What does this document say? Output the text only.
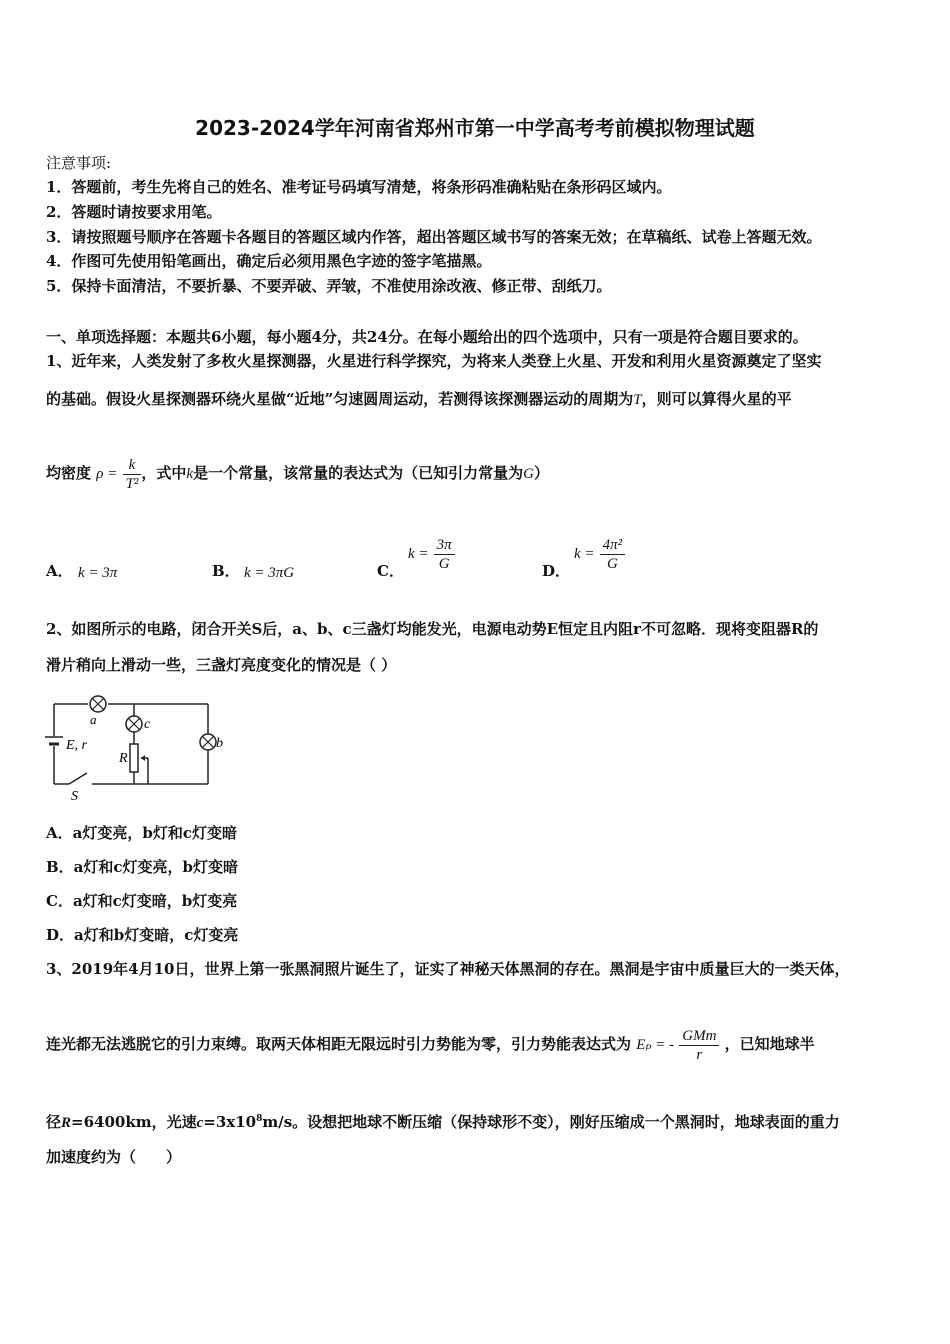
2023-2024学年河南省郑州市第一中学高考考前模拟物理试题
注意事项:
1．答题前，考生先将自己的姓名、准考证号码填写清楚，将条形码准确粘贴在条形码区域内。
2．答题时请按要求用笔。
3．请按照题号顺序在答题卡各题目的答题区域内作答，超出答题区域书写的答案无效；在草稿纸、试卷上答题无效。
4．作图可先使用铅笔画出，确定后必须用黑色字迹的签字笔描黑。
5．保持卡面清洁，不要折暴、不要弄破、弄皱，不准使用涂改液、修正带、刮纸刀。
一、单项选择题：本题共6小题，每小题4分，共24分。在每小题给出的四个选项中，只有一项是符合题目要求的。
1、近年来，人类发射了多枚火星探测器，火星进行科学探究，为将来人类登上火星、开发和利用火星资源奠定了坚实
的基础。假设火星探测器环绕火星做“近地”匀速圆周运动，若测得该探测器运动的周期为T，则可以算得火星的平
均密度 $\rho = \frac{k}{\text{T²}}$ ，式中k是一个常量，该常量的表达式为（已知引力常量为G）
A． k = 3π	B． k = 3πG	C．
$k = \frac{3\pi}{G}$	D．
$k = \frac{\text{4π²}}{G}$
2、如图所示的电路，闭合开关S后，a、b、c三盏灯均能发光，电源电动势E恒定且内阻r不可忽略．现将变阻器R的
滑片稍向上滑动一些，三盏灯亮度变化的情况是（ ）
a	c
b
E, r
R
S
A．a灯变亮，b灯和c灯变暗
B．a灯和c灯变亮，b灯变暗
C．a灯和c灯变暗，b灯变亮
D．a灯和b灯变暗，c灯变亮
3、2019年4月10日，世界上第一张黑洞照片诞生了，证实了神秘天体黑洞的存在。黑洞是宇宙中质量巨大的一类天体，
连光都无法逃脱它的引力束缚。取两天体相距无限远时引力势能为零，引力势能表达式为 Eₚ = - $\frac{\text{GMm}}{r}$ ，已知地球半
径R=6400km，光速$c=3x10^8m/s$。设想把地球不断压缩（保持球形不变），刚好压缩成一个黑洞时，地球表面的重力
加速度约为（　　）
